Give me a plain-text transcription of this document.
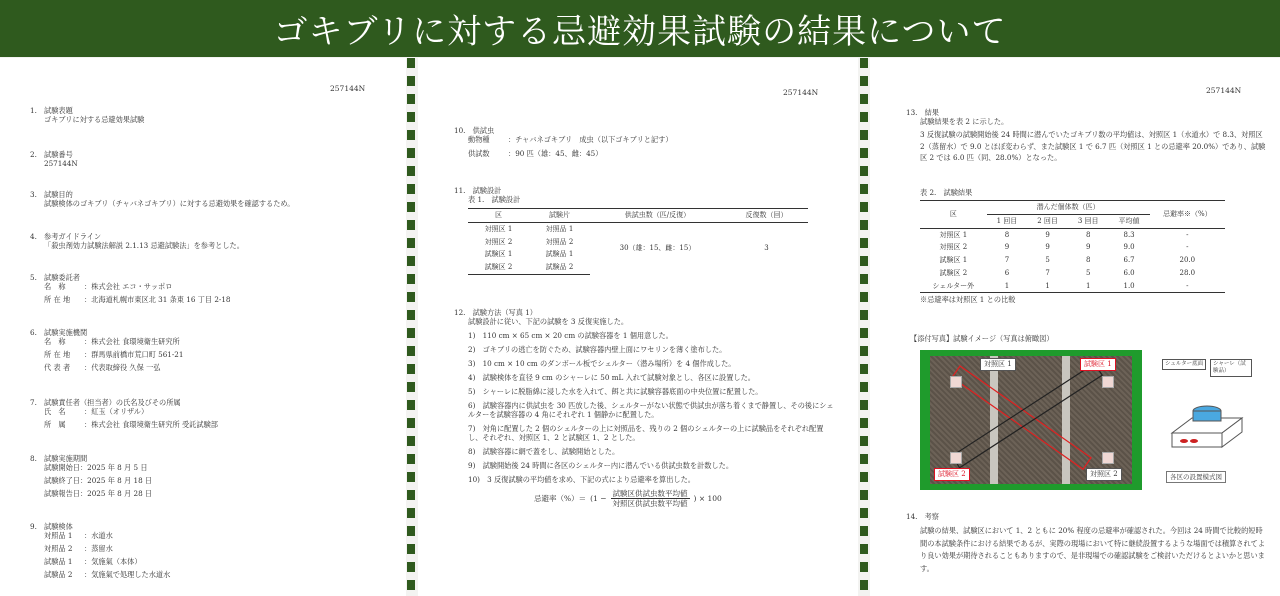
ゴキブリに対する忌避効果試験の結果について
257144N
1.　試験表題
ゴキブリに対する忌避効果試験
2.　試験番号
257144N
3.　試験目的
試験検体のゴキブリ（チャバネゴキブリ）に対する忌避効果を確認するため。
4.　参考ガイドライン
「殺虫剤効力試験法解説 2.1.13 忌避試験法」を参考とした。
5.　試験委託者
名　称	：株式会社 エコ・サッポロ
所 在 地	：北海道札幌市東区北 31 条東 16 丁目 2-18
6.　試験実施機関
名　称	：株式会社 食環境衛生研究所
所 在 地	：群馬県前橋市荒口町 561-21
代 表 者	：代表取締役 久保 一弘
7.　試験責任者（担当者）の氏名及びその所属
氏　名	：紅玉（オリザル）
所　属	：株式会社 食環境衛生研究所 受託試験部
8.　試験実施期間
試験開始日：2025 年 8 月 5 日
試験終了日：2025 年 8 月 18 日
試験報告日：2025 年 8 月 28 日
9.　試験検体
対照品 1	：水道水
対照品 2	：蒸留水
試験品 1	：気施氣（本体）
試験品 2	：気施氣で処理した水道水
257144N
10.　供試虫
動物種	：チャバネゴキブリ　成虫（以下ゴキブリと記す）
供試数	：90 匹（雄：45、雌：45）
11.　試験設計
表 1.　試験設計
区	試験片	供試虫数（匹/反復）	反復数（回）
対照区 1	対照品 1	30（雄：15、雌：15）	3
対照区 2	対照品 2		
試験区 1	試験品 1		
試験区 2	試験品 2		
12.　試験方法（写真 1）
試験設計に従い、下記の試験を 3 反復実施した。
1)　110 cm × 65 cm × 20 cm の試験容器を 1 個用意した。
2)　ゴキブリの逃亡を防ぐため、試験容器内壁上面にワセリンを薄く塗布した。
3)　10 cm × 10 cm のダンボール板でシェルター（潜み場所）を 4 個作成した。
4)　試験検体を直径 9 cm のシャーレに 50 mL 入れて試験対象とし、各区に設置した。
5)　シャーレに脱脂綿に浸した水を入れて、餌と共に試験容器底面の中央位置に配置した。
6)　試験容器内に供試虫を 30 匹放した後、シェルターがない状態で供試虫が落ち着くまで静置し、その後にシェルターを試験容器の 4 角にそれぞれ 1 個静かに配置した。
7)　対角に配置した 2 個のシェルターの上に対照品を、残りの 2 個のシェルターの上に試験品をそれぞれ配置し、それぞれ、対照区 1、2 と試験区 1、2 とした。
8)　試験容器に網で蓋をし、試験開始とした。
9)　試験開始後 24 時間に各区のシェルター内に潜んでいる供試虫数を計数した。
10)　3 反復試験の平均値を求め、下記の式により忌避率を算出した。
忌避率（%）＝ ($1 - \frac{\text{試験区供試虫数平均値}}{\text{対照区供試虫数平均値}}$ ) × 100
257144N
13.　結果
試験結果を表 2 に示した。
3 反復試験の試験開始後 24 時間に潜んでいたゴキブリ数の平均値は、対照区 1（水道水）で 8.3、対照区 2（蒸留水）で 9.0 とほぼ変わらず、また試験区 1 で 6.7 匹（対照区 1 との忌避率 20.0%）であり、試験区 2 では 6.0 匹（同、28.0%）となった。
表 2.　試験結果
区	潜んだ個体数（匹）				忌避率※（%）
	1 回目	2 回目	3 回目	平均値	
対照区 1	8	9	8	8.3	-
対照区 2	9	9	9	9.0	-
試験区 1	7	5	8	6.7	20.0
試験区 2	6	7	5	6.0	28.0
シェルター外	1	1	1	1.0	-
※忌避率は対照区 1 との比較
【添付写真】試験イメージ（写真は俯瞰図）
対照区 1	試験区 1
試験区 2	対照区 2
シェルター底面	シャーレ（試験品）
各区の設置模式図
14.　考察
試験の結果、試験区において 1、2 ともに 20% 程度の忌避率が確認された。今回は 24 時間で比較的短時間の本試験条件における結果であるが、実際の現場において特に継続設置するような場面では積算されてより良い効果が期待されることもありますので、是非現場での確認試験をご検討いただけるとよいかと思います。
